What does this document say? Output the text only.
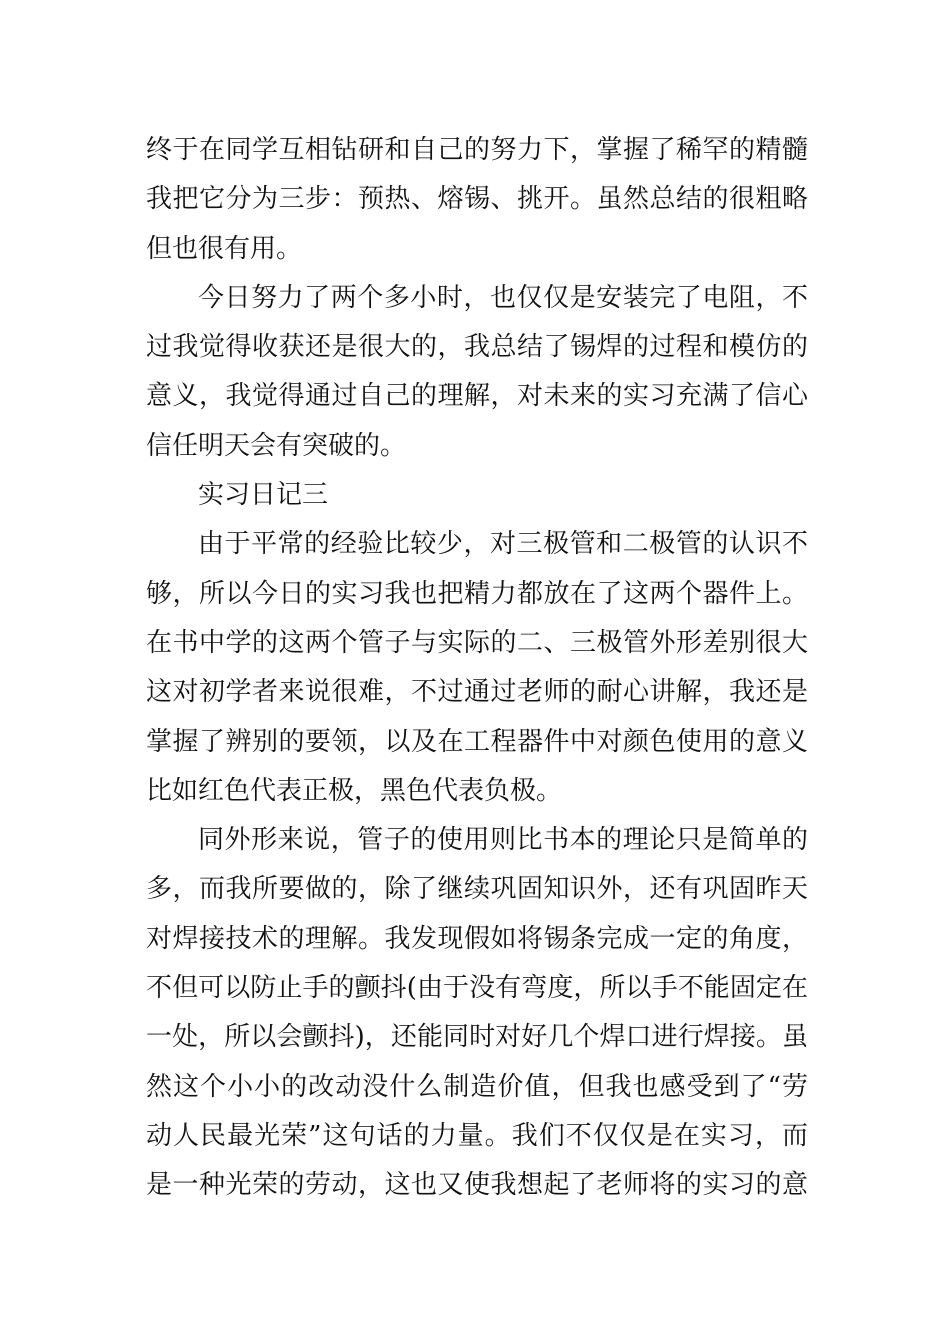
终于在同学互相钻研和自己的努力下，掌握了稀罕的精髓
我把它分为三步：预热、熔锡、挑开。虽然总结的很粗略
但也很有用。
今日努力了两个多小时，也仅仅是安装完了电阻，不
过我觉得收获还是很大的，我总结了锡焊的过程和模仿的
意义，我觉得通过自己的理解，对未来的实习充满了信心
信任明天会有突破的。
实习日记三
由于平常的经验比较少，对三极管和二极管的认识不
够，所以今日的实习我也把精力都放在了这两个器件上。
在书中学的这两个管子与实际的二、三极管外形差别很大
这对初学者来说很难，不过通过老师的耐心讲解，我还是
掌握了辨别的要领，以及在工程器件中对颜色使用的意义
比如红色代表正极，黑色代表负极。
同外形来说，管子的使用则比书本的理论只是简单的
多，而我所要做的，除了继续巩固知识外，还有巩固昨天
对焊接技术的理解。我发现假如将锡条完成一定的角度，
不但可以防止手的颤抖(由于没有弯度，所以手不能固定在
一处，所以会颤抖)，还能同时对好几个焊口进行焊接。虽
然这个小小的改动没什么制造价值，但我也感受到了“劳
动人民最光荣”这句话的力量。我们不仅仅是在实习，而
是一种光荣的劳动，这也又使我想起了老师将的实习的意
